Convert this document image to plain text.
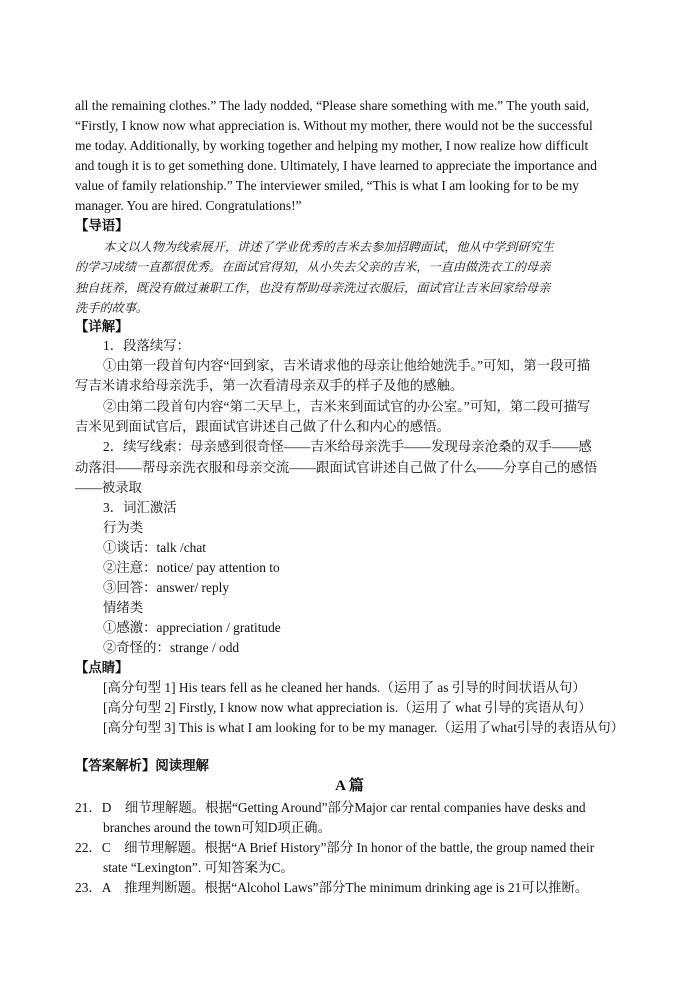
all the remaining clothes.” The lady nodded, “Please share something with me.” The youth said,
“Firstly, I know now what appreciation is. Without my mother, there would not be the successful
me today. Additionally, by working together and helping my mother, I now realize how difficult
and tough it is to get something done. Ultimately, I have learned to appreciate the importance and
value of family relationship.” The interviewer smiled, “This is what I am looking for to be my
manager. You are hired. Congratulations!”
【导语】
本文以人物为线索展开，讲述了学业优秀的吉米去参加招聘面试，他从中学到研究生
的学习成绩一直都很优秀。在面试官得知，从小失去父亲的吉米，一直由做洗衣工的母亲
独自抚养，既没有做过兼职工作，也没有帮助母亲洗过衣服后，面试官让吉米回家给母亲
洗手的故事。
【详解】
1．段落续写：
①由第一段首句内容“回到家，吉米请求他的母亲让他给她洗手。”可知，第一段可描
写吉米请求给母亲洗手，第一次看清母亲双手的样子及他的感触。
②由第二段首句内容“第二天早上，吉米来到面试官的办公室。”可知，第二段可描写
吉米见到面试官后，跟面试官讲述自己做了什么和内心的感悟。
2．续写线索：母亲感到很奇怪——吉米给母亲洗手——发现母亲沧桑的双手——感
动落泪——帮母亲洗衣服和母亲交流——跟面试官讲述自己做了什么——分享自己的感悟
——被录取
3．词汇激活
行为类
①谈话：talk /chat
②注意：notice/ pay attention to
③回答：answer/ reply
情绪类
①感激：appreciation / gratitude
②奇怪的：strange / odd
【点睛】
[高分句型 1] His tears fell as he cleaned her hands.（运用了 as 引导的时间状语从句）
[高分句型 2] Firstly, I know now what appreciation is.（运用了 what 引导的宾语从句）
[高分句型 3] This is what I am looking for to be my manager.（运用了what引导的表语从句）
【答案解析】阅读理解
A 篇
21．D　细节理解题。根据“Getting Around”部分Major car rental companies have desks and
branches around the town可知D项正确。
22．C　细节理解题。根据“A Brief History”部分 In honor of the battle, the group named their
state “Lexington”. 可知答案为C。
23．A　推理判断题。根据“Alcohol Laws”部分The minimum drinking age is 21可以推断。
